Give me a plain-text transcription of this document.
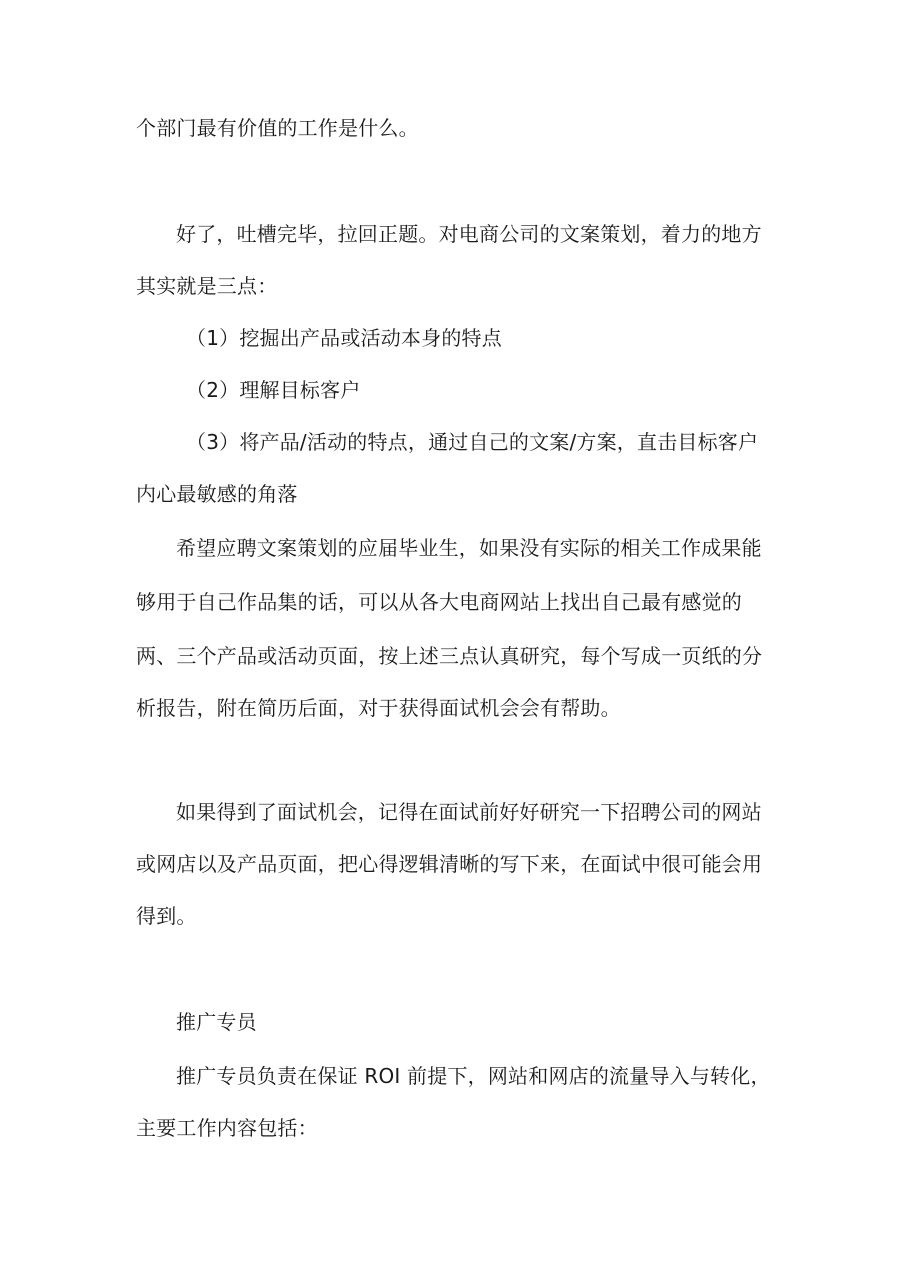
个部门最有价值的工作是什么。
好了，吐槽完毕，拉回正题。对电商公司的文案策划，着力的地方
其实就是三点：
（1）挖掘出产品或活动本身的特点
（2）理解目标客户
（3）将产品/活动的特点，通过自己的文案/方案，直击目标客户
内心最敏感的角落
希望应聘文案策划的应届毕业生，如果没有实际的相关工作成果能
够用于自己作品集的话，可以从各大电商网站上找出自己最有感觉的
两、三个产品或活动页面，按上述三点认真研究，每个写成一页纸的分
析报告，附在简历后面，对于获得面试机会会有帮助。
如果得到了面试机会，记得在面试前好好研究一下招聘公司的网站
或网店以及产品页面，把心得逻辑清晰的写下来，在面试中很可能会用
得到。
推广专员
推广专员负责在保证 ROI 前提下，网站和网店的流量导入与转化，
主要工作内容包括：
